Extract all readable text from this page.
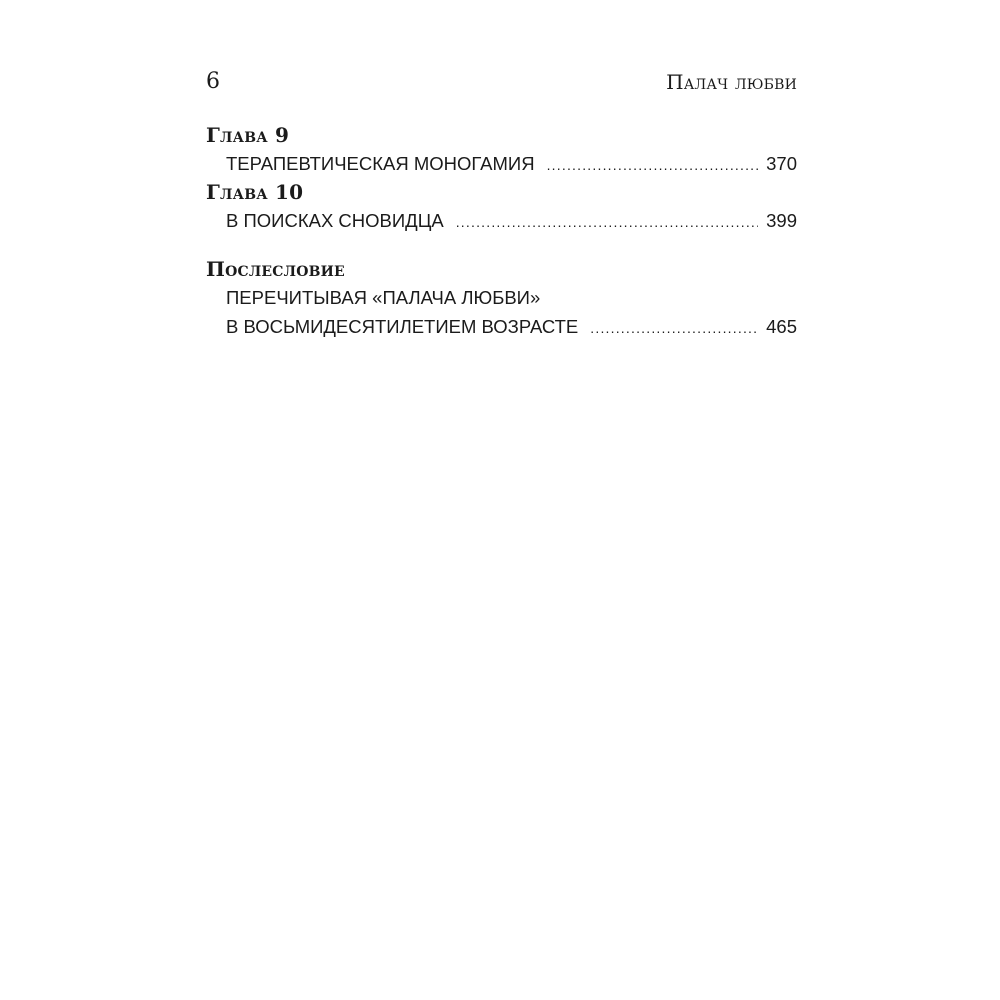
6	Палач любви
Глава 9
ТЕРАПЕВТИЧЕСКАЯ МОНОГАМИЯ .....	370
Глава 10
В ПОИСКАХ СНОВИДЦА .....	399
Послесловие
ПЕРЕЧИТЫВАЯ «ПАЛАЧА ЛЮБВИ»
В ВОСЬМИДЕСЯТИЛЕТИЕМ ВОЗРАСТЕ .....	465
